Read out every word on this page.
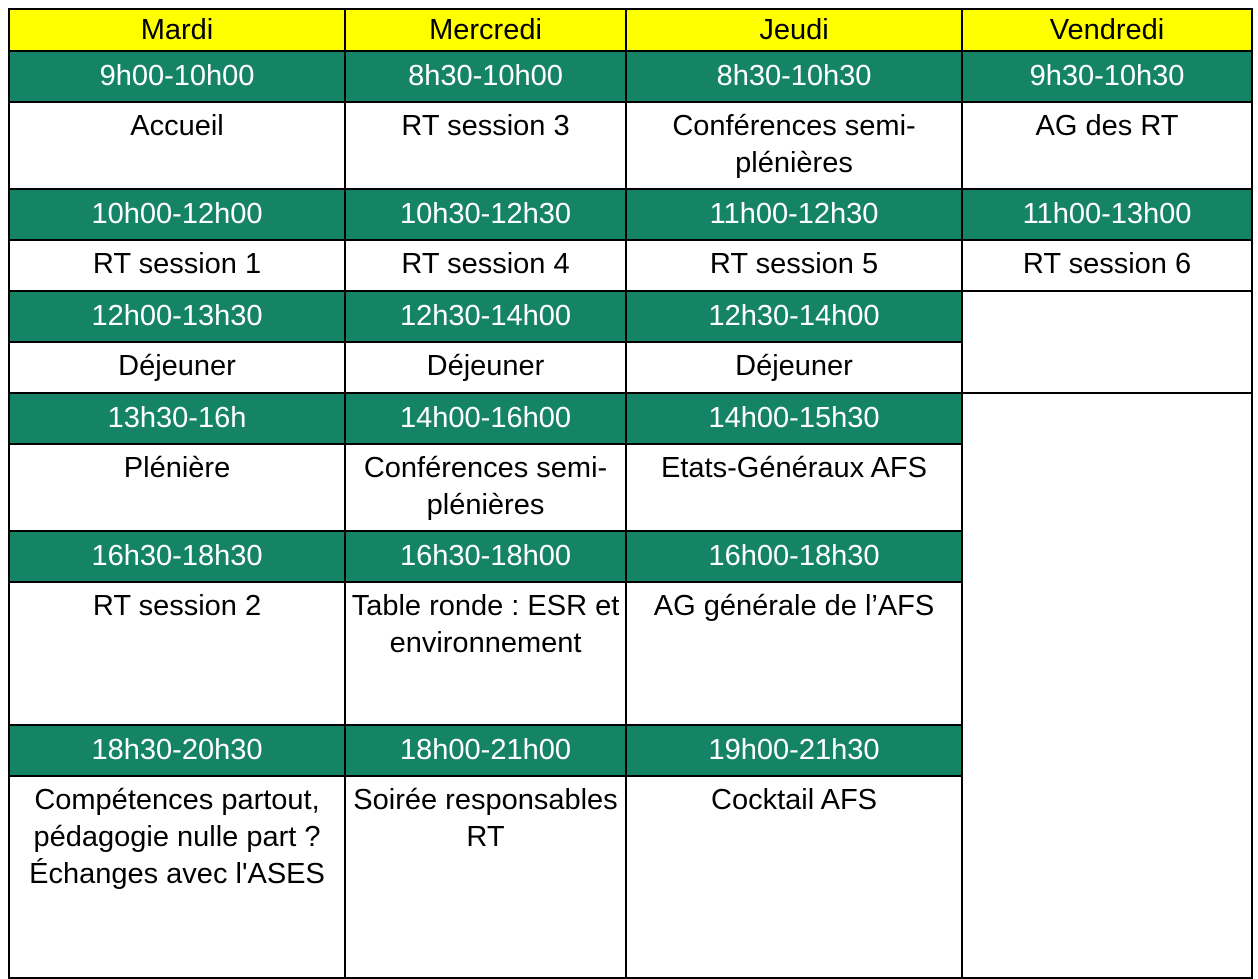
Mardi	Mercredi	Jeudi	Vendredi
9h00-10h00	8h30-10h00	8h30-10h30	9h30-10h30
Accueil	RT session 3	Conférences semi-plénières	AG des RT
10h00-12h00	10h30-12h30	11h00-12h30	11h00-13h00
RT session 1	RT session 4	RT session 5	RT session 6
12h00-13h30	12h30-14h00	12h30-14h00	
Déjeuner	Déjeuner	Déjeuner	
13h30-16h	14h00-16h00	14h00-15h30	
Plénière	Conférences semi-plénières	Etats-Généraux AFS	
16h30-18h30	16h30-18h00	16h00-18h30	
RT session 2	Table ronde : ESR et environnement	AG générale de l’AFS	
18h30-20h30	18h00-21h00	19h00-21h30	
Compétences partout, pédagogie nulle part ? Échanges avec l'ASES	Soirée responsables RT	Cocktail AFS	
